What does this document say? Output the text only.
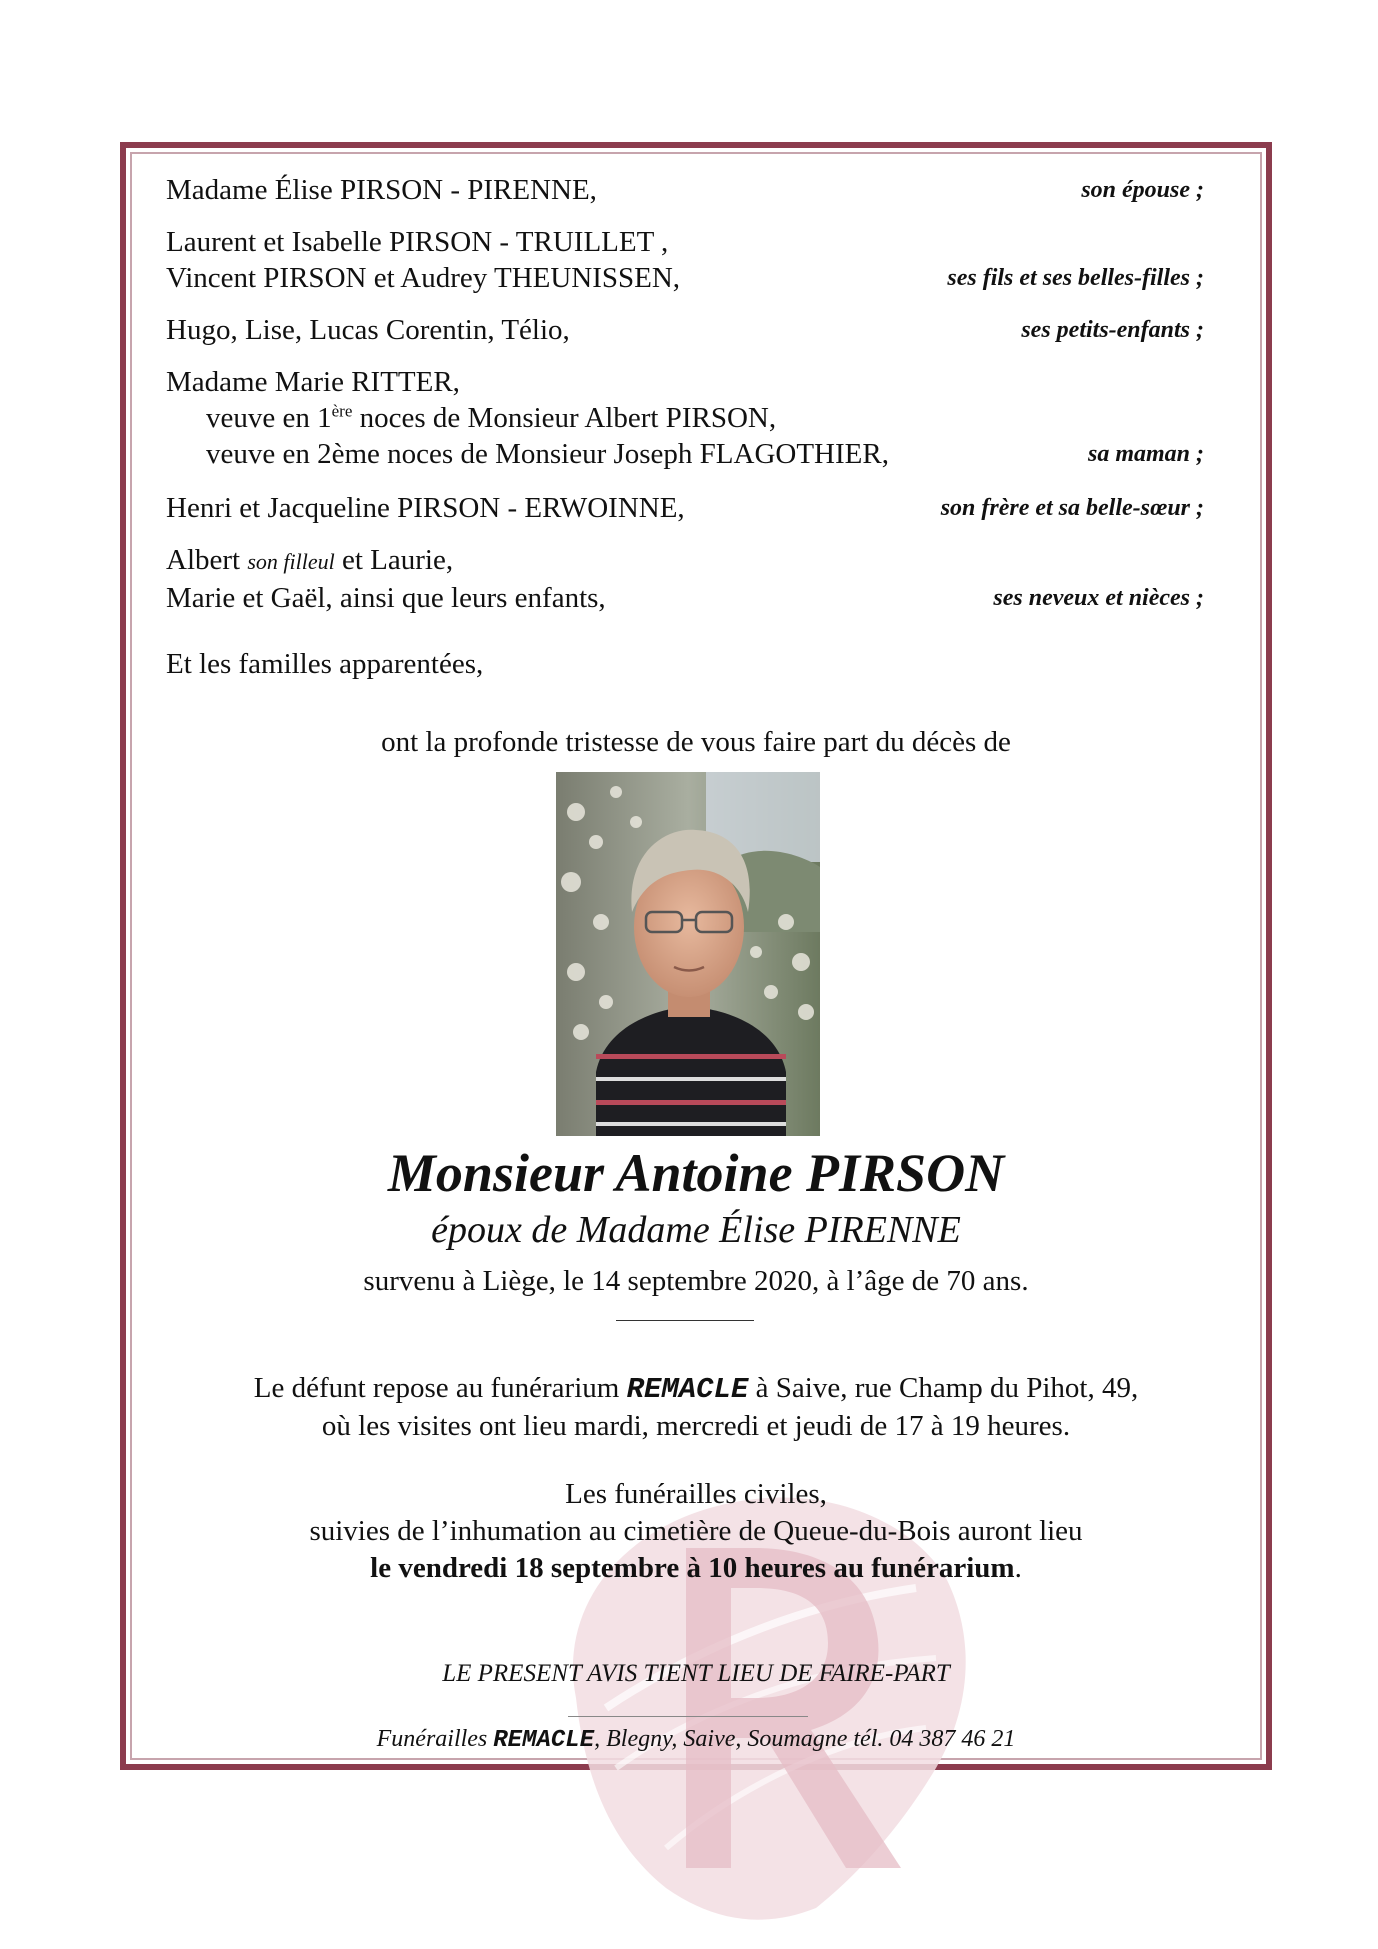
Madame Élise PIRSON - PIRENNE,	son épouse ;
Laurent et Isabelle PIRSON - TRUILLET ,
Vincent PIRSON et Audrey THEUNISSEN,	ses fils et ses belles-filles ;
Hugo, Lise, Lucas Corentin, Télio,	ses petits-enfants ;
Madame Marie RITTER,
veuve en 1ère noces de Monsieur Albert PIRSON,
veuve en 2ème noces de Monsieur Joseph FLAGOTHIER,	sa maman ;
Henri et Jacqueline PIRSON - ERWOINNE,	son frère et sa belle-sœur ;
Albert son filleul et Laurie,
Marie et Gaël, ainsi que leurs enfants,	ses neveux et nièces ;
Et les familles apparentées,
ont la profonde tristesse de vous faire part du décès de
Monsieur Antoine PIRSON
époux de Madame Élise PIRENNE
survenu à Liège, le 14 septembre 2020, à l’âge de 70 ans.
Le défunt repose au funérarium REMACLE à Saive, rue Champ du Pihot, 49,
où les visites ont lieu mardi, mercredi et jeudi de 17 à 19 heures.
Les funérailles civiles,
suivies de l’inhumation au cimetière de Queue-du-Bois auront lieu
le vendredi 18 septembre à 10 heures au funérarium.
LE PRESENT AVIS TIENT LIEU DE FAIRE-PART
Funérailles REMACLE, Blegny, Saive, Soumagne tél. 04 387 46 21
